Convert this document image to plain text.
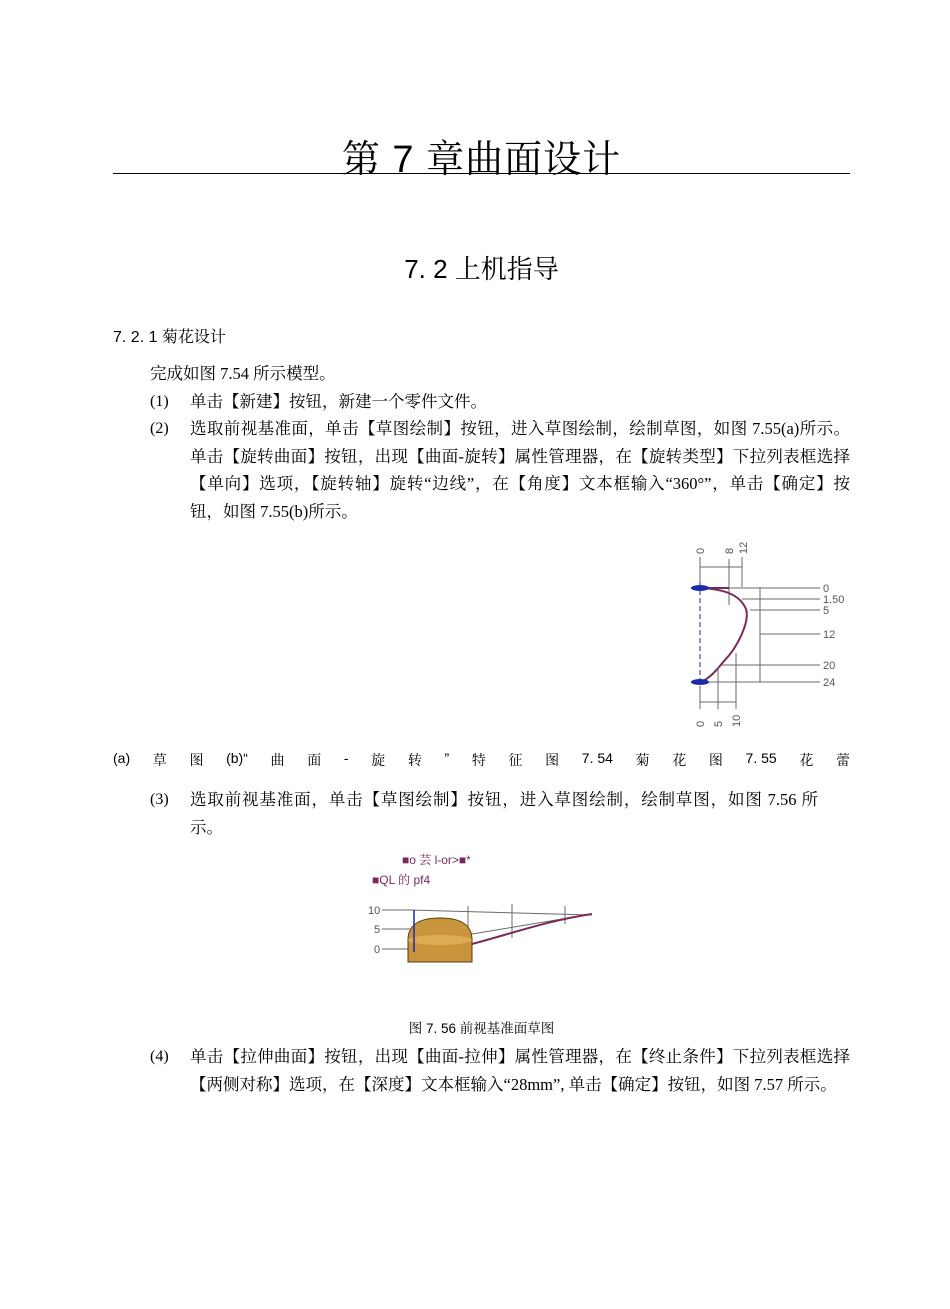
第 7 章曲面设计
7. 2 上机指导
7. 2. 1 菊花设计
完成如图 7.54 所示模型。
(1) 单击【新建】按钮，新建一个零件文件。
(2) 选取前视基准面，单击【草图绘制】按钮，进入草图绘制，绘制草图，如图 7.55(a)所示。单击【旋转曲面】按钮，出现【曲面-旋转】属性管理器，在【旋转类型】下拉列表框选择【单向】选项，【旋转轴】旋转“边线”，在【角度】文本框输入“360°”，单击【确定】按钮，如图 7.55(b)所示。
0 8 12
0
1.50
5
12
20
24
0 5 10
(a) 草 图 (b)“ 曲 面 - 旋 转 ” 特 征 图 7. 54 菊 花 图 7. 55 花 蕾
(3) 选取前视基准面，单击【草图绘制】按钮，进入草图绘制，绘制草图，如图 7.56 所示。
■o 芸 l-or>■*
■QL 的 pf4
10
5
0
图 7. 56 前视基准面草图
(4) 单击【拉伸曲面】按钮，出现【曲面-拉伸】属性管理器，在【终止条件】下拉列表框选择【两侧对称】选项，在【深度】文本框输入“28mm”, 单击【确定】按钮，如图 7.57 所示。
